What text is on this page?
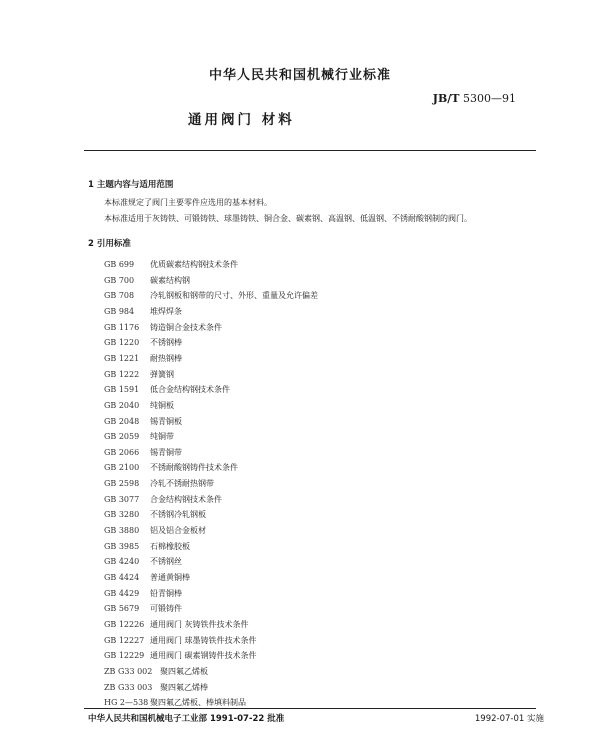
中华人民共和国机械行业标准
JB/T 5300—91
通用阀门 材料
1 主题内容与适用范围
本标准规定了阀门主要零件应选用的基本材料。
本标准适用于灰铸铁、可锻铸铁、球墨铸铁、铜合金、碳素钢、高温钢、低温钢、不锈耐酸钢制的阀门。
2 引用标准
GB 699 优质碳素结构钢技术条件
GB 700 碳素结构钢
GB 708 冷轧钢板和钢带的尺寸、外形、重量及允许偏差
GB 984 堆焊焊条
GB 1176 铸造铜合金技术条件
GB 1220 不锈钢棒
GB 1221 耐热钢棒
GB 1222 弹簧钢
GB 1591 低合金结构钢技术条件
GB 2040 纯铜板
GB 2048 锡青铜板
GB 2059 纯铜带
GB 2066 锡青铜带
GB 2100 不锈耐酸钢铸件技术条件
GB 2598 冷轧不锈耐热钢带
GB 3077 合金结构钢技术条件
GB 3280 不锈钢冷轧钢板
GB 3880 铝及铝合金板材
GB 3985 石棉橡胶板
GB 4240 不锈钢丝
GB 4424 普通黄铜棒
GB 4429 铅青铜棒
GB 5679 可锻铸件
GB 12226 通用阀门 灰铸铁件技术条件
GB 12227 通用阀门 球墨铸铁件技术条件
GB 12229 通用阀门 碳素钢铸件技术条件
ZB G33 002 聚四氟乙烯板
ZB G33 003 聚四氟乙烯棒
HG 2—538 聚四氟乙烯板、棒填料制品
中华人民共和国机械电子工业部 1991-07-22 批准	1992-07-01 实施
